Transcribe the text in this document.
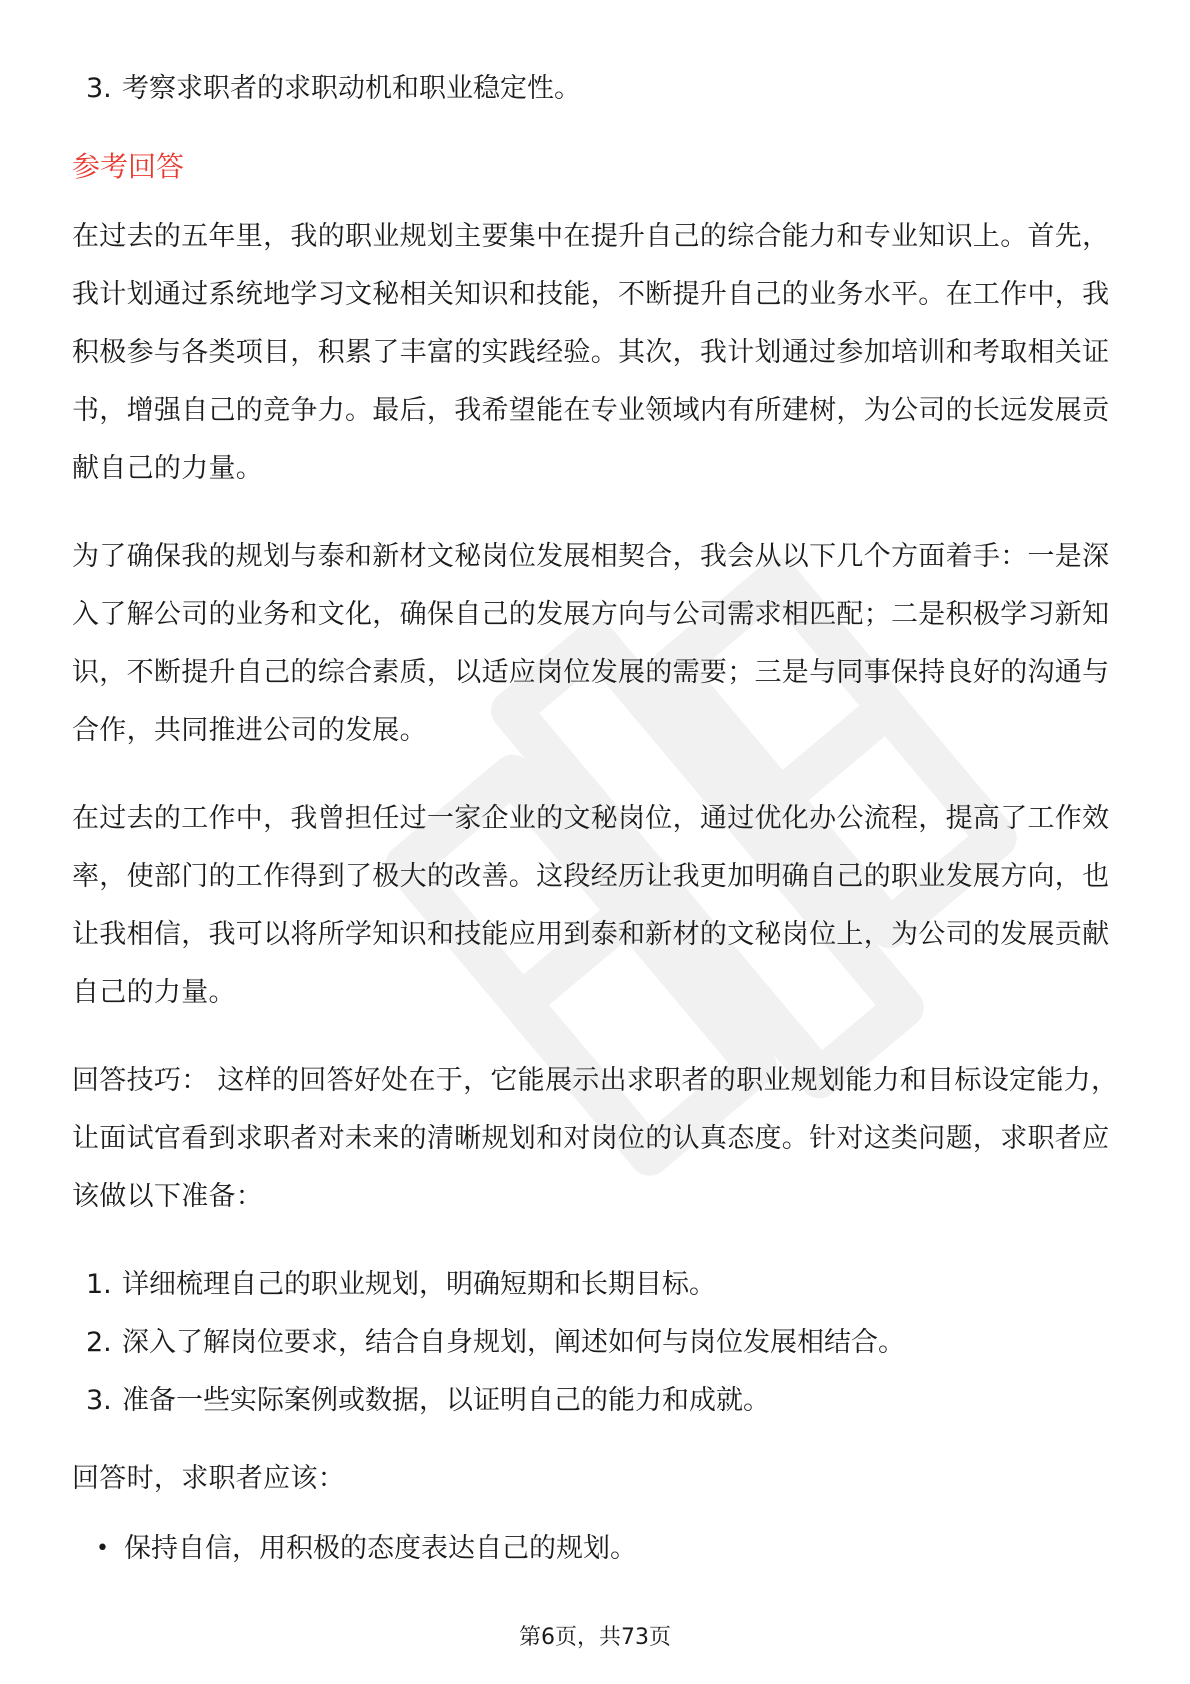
3. 考察求职者的求职动机和职业稳定性。
参考回答

在过去的五年里，我的职业规划主要集中在提升自己的综合能力和专业知识上。首先，我计划通过系统地学习文秘相关知识和技能，不断提升自己的业务水平。在工作中，我积极参与各类项目，积累了丰富的实践经验。其次，我计划通过参加培训和考取相关证书，增强自己的竞争力。最后，我希望能在专业领域内有所建树，为公司的长远发展贡献自己的力量。

为了确保我的规划与泰和新材文秘岗位发展相契合，我会从以下几个方面着手：一是深入了解公司的业务和文化，确保自己的发展方向与公司需求相匹配；二是积极学习新知识，不断提升自己的综合素质，以适应岗位发展的需要；三是与同事保持良好的沟通与合作，共同推进公司的发展。

在过去的工作中，我曾担任过一家企业的文秘岗位，通过优化办公流程，提高了工作效率，使部门的工作得到了极大的改善。这段经历让我更加明确自己的职业发展方向，也让我相信，我可以将所学知识和技能应用到泰和新材的文秘岗位上，为公司的发展贡献自己的力量。

回答技巧： 这样的回答好处在于，它能展示出求职者的职业规划能力和目标设定能力，让面试官看到求职者对未来的清晰规划和对岗位的认真态度。针对这类问题，求职者应该做以下准备：

1. 详细梳理自己的职业规划，明确短期和长期目标。
2. 深入了解岗位要求，结合自身规划，阐述如何与岗位发展相结合。
3. 准备一些实际案例或数据，以证明自己的能力和成就。

回答时，求职者应该：

• 保持自信，用积极的态度表达自己的规划。
第6页，共73页
